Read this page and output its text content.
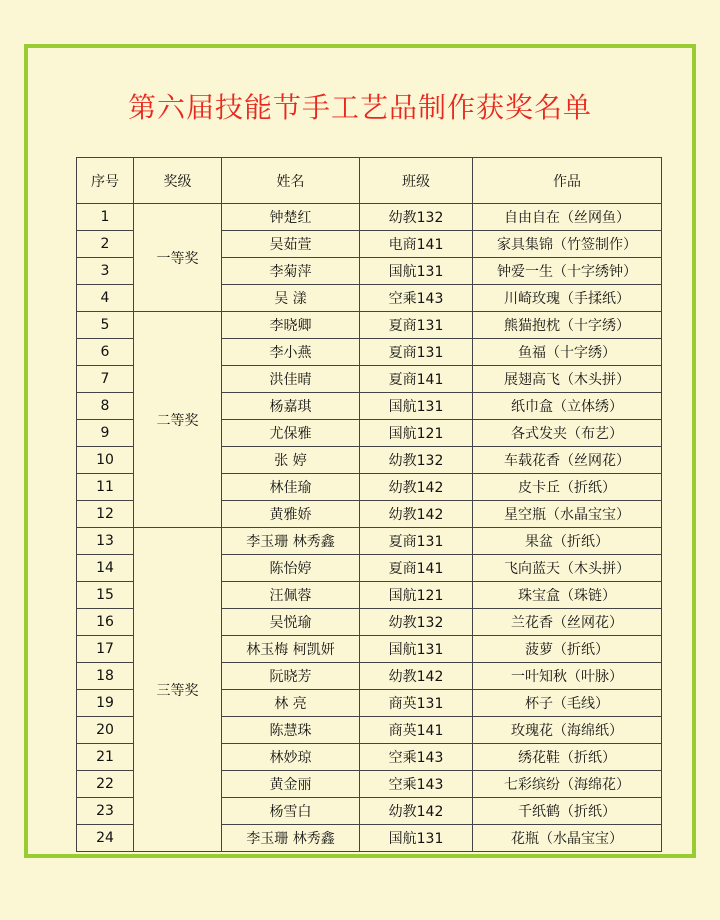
第六届技能节手工艺品制作获奖名单
序号	奖级	姓名	班级	作品
1	一等奖	钟楚红	幼教132	自由自在（丝网鱼）
2		吴茹萱	电商141	家具集锦（竹签制作）
3		李菊萍	国航131	钟爱一生（十字绣钟）
4		吴 漾	空乘143	川崎玫瑰（手揉纸）
5	二等奖	李晓卿	夏商131	熊猫抱枕（十字绣）
6		李小燕	夏商131	鱼福（十字绣）
7		洪佳晴	夏商141	展翅高飞（木头拼）
8		杨嘉琪	国航131	纸巾盒（立体绣）
9		尤保雅	国航121	各式发夹（布艺）
10		张 婷	幼教132	车载花香（丝网花）
11		林佳瑜	幼教142	皮卡丘（折纸）
12		黄雅娇	幼教142	星空瓶（水晶宝宝）
13	三等奖	李玉珊 林秀鑫	夏商131	果盆（折纸）
14		陈怡婷	夏商141	飞向蓝天（木头拼）
15		汪佩蓉	国航121	珠宝盒（珠链）
16		吴悦瑜	幼教132	兰花香（丝网花）
17		林玉梅 柯凯妍	国航131	菠萝（折纸）
18		阮晓芳	幼教142	一叶知秋（叶脉）
19		林 亮	商英131	杯子（毛线）
20		陈慧珠	商英141	玫瑰花（海绵纸）
21		林妙琼	空乘143	绣花鞋（折纸）
22		黄金丽	空乘143	七彩缤纷（海绵花）
23		杨雪白	幼教142	千纸鹤（折纸）
24		李玉珊 林秀鑫	国航131	花瓶（水晶宝宝）
